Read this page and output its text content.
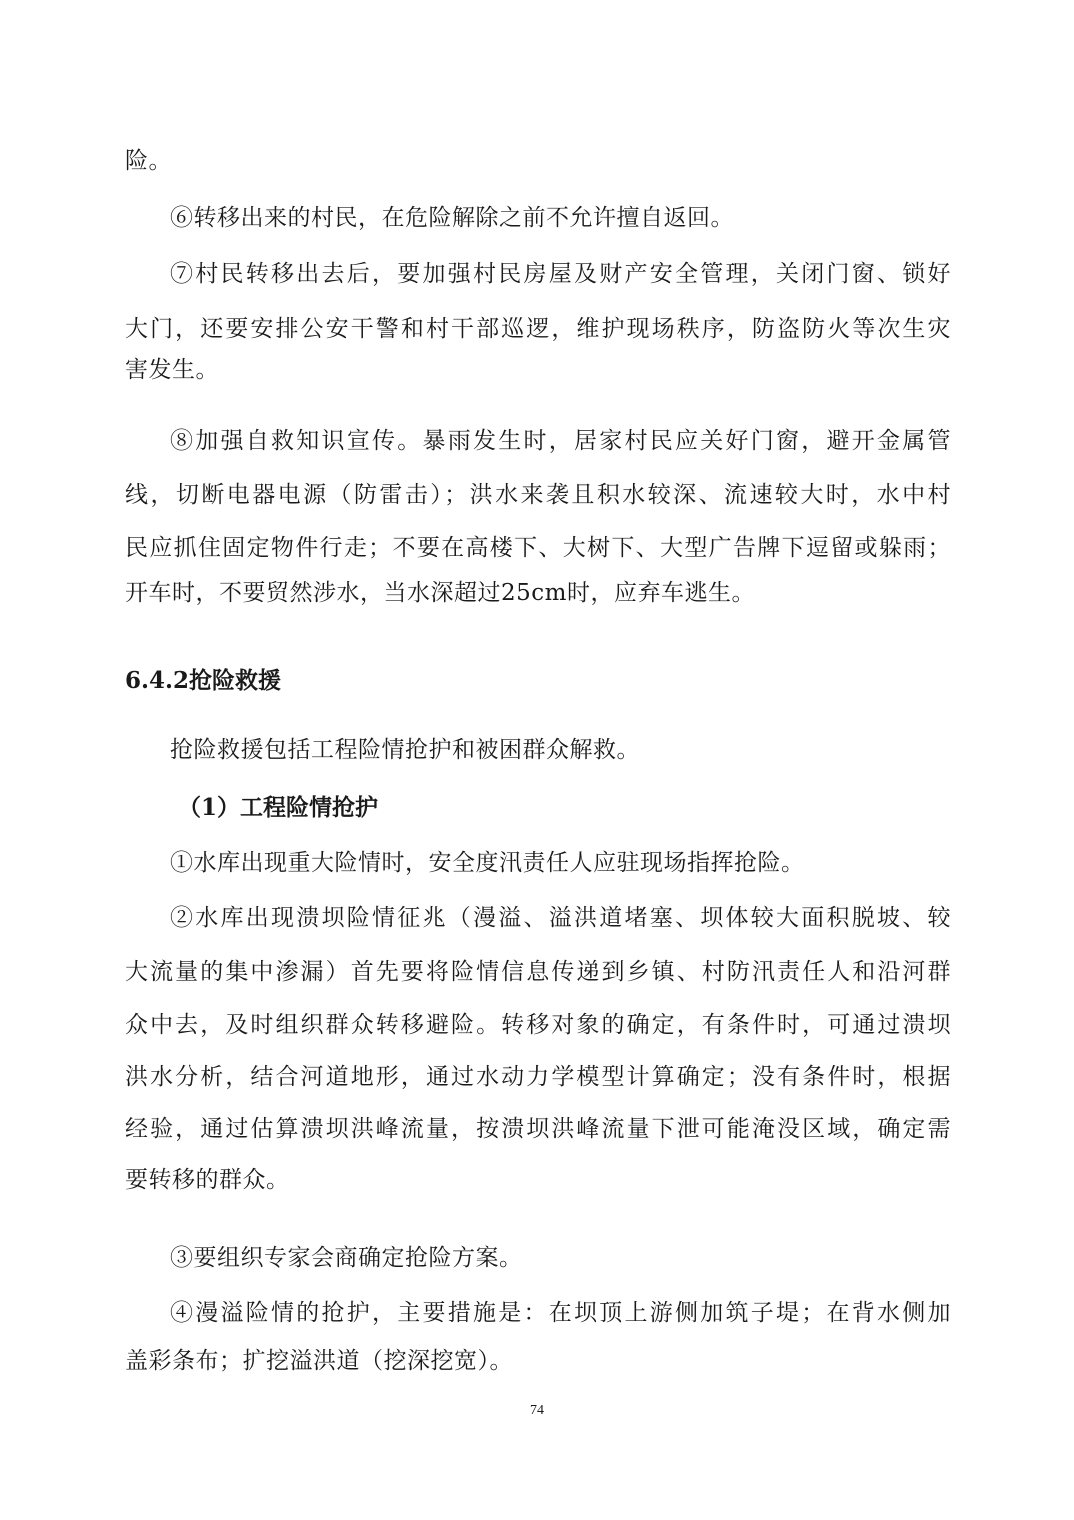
险。
⑥转移出来的村民，在危险解除之前不允许擅自返回。
⑦村民转移出去后，要加强村民房屋及财产安全管理，关闭门窗、锁好
大门，还要安排公安干警和村干部巡逻，维护现场秩序，防盗防火等次生灾
害发生。
⑧加强自救知识宣传。暴雨发生时，居家村民应关好门窗，避开金属管
线，切断电器电源（防雷击）；洪水来袭且积水较深、流速较大时，水中村
民应抓住固定物件行走；不要在高楼下、大树下、大型广告牌下逗留或躲雨；
开车时，不要贸然涉水，当水深超过25cm时，应弃车逃生。
6.4.2抢险救援
抢险救援包括工程险情抢护和被困群众解救。
（1）工程险情抢护
①水库出现重大险情时，安全度汛责任人应驻现场指挥抢险。
②水库出现溃坝险情征兆（漫溢、溢洪道堵塞、坝体较大面积脱坡、较
大流量的集中渗漏）首先要将险情信息传递到乡镇、村防汛责任人和沿河群
众中去，及时组织群众转移避险。转移对象的确定，有条件时，可通过溃坝
洪水分析，结合河道地形，通过水动力学模型计算确定；没有条件时，根据
经验，通过估算溃坝洪峰流量，按溃坝洪峰流量下泄可能淹没区域，确定需
要转移的群众。
③要组织专家会商确定抢险方案。
④漫溢险情的抢护，主要措施是：在坝顶上游侧加筑子堤；在背水侧加
盖彩条布；扩挖溢洪道（挖深挖宽）。
74
